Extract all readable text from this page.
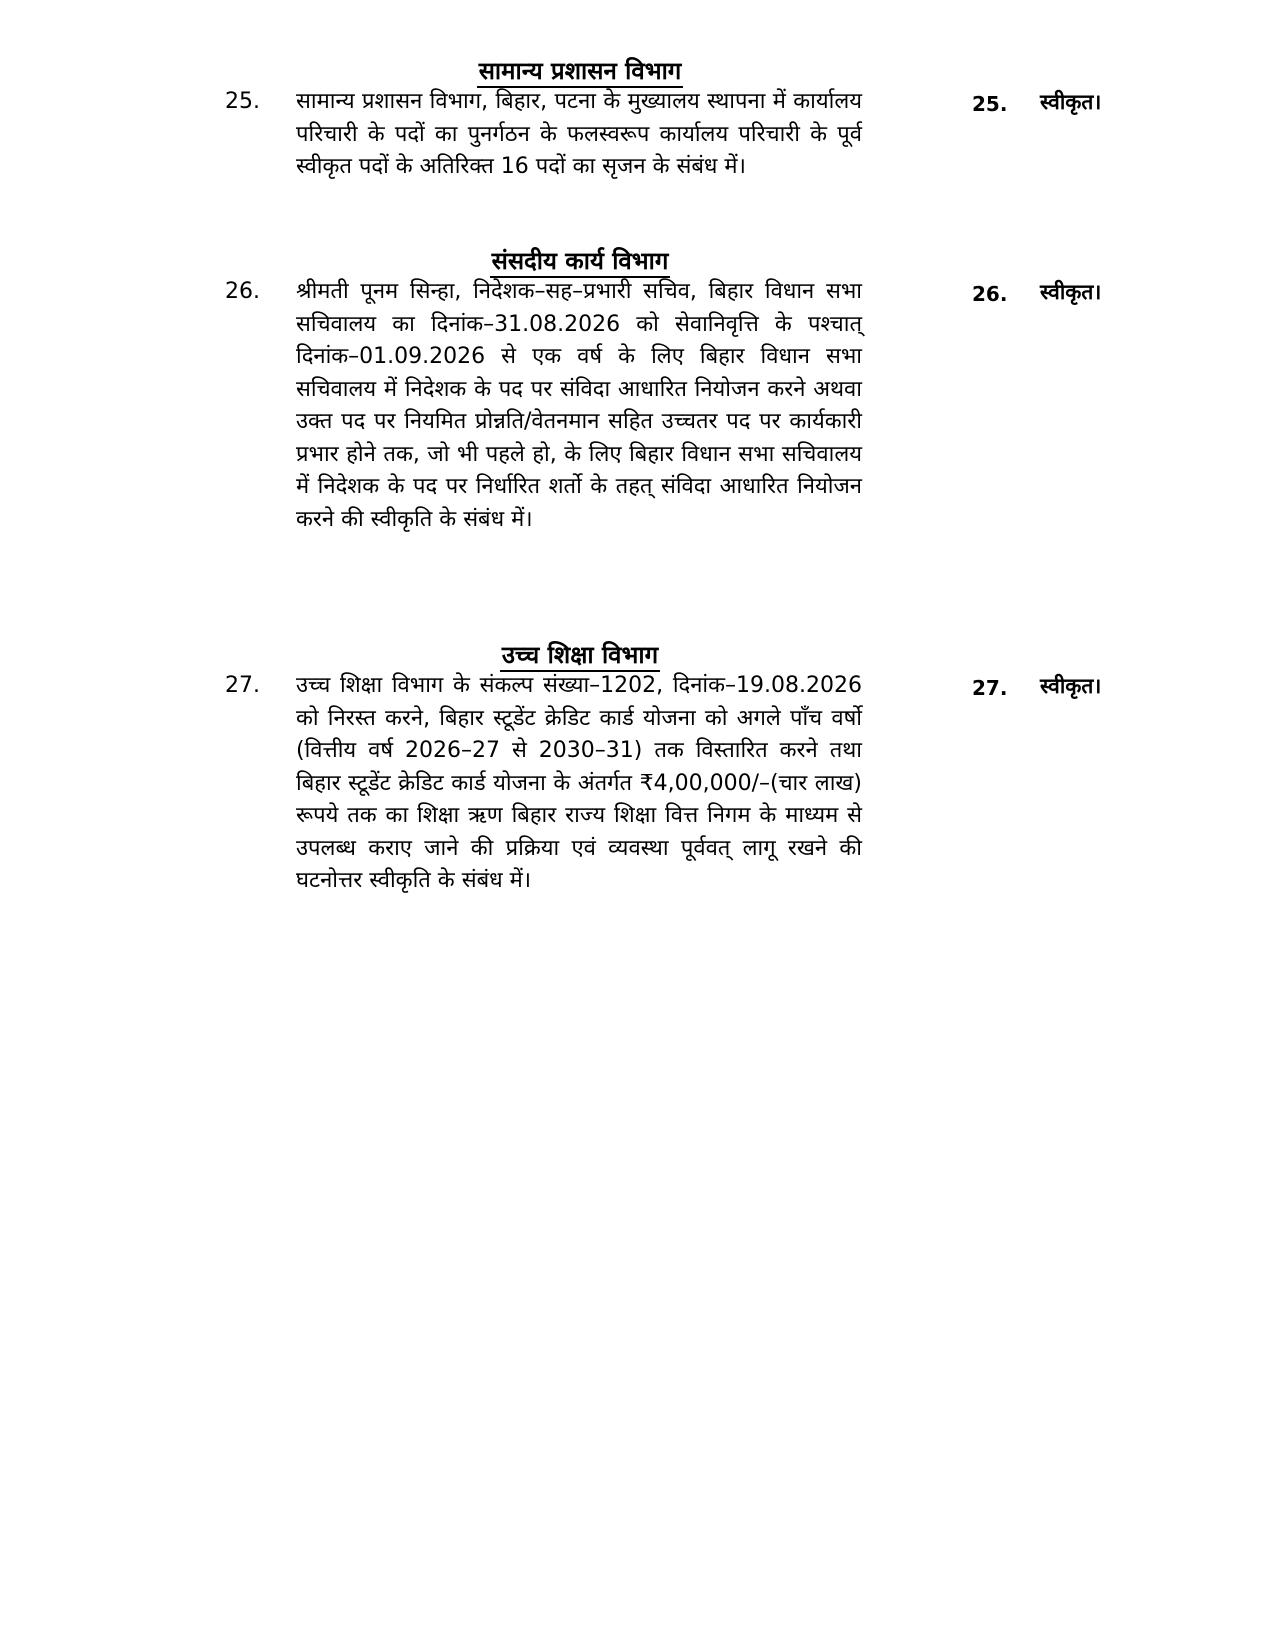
सामान्य प्रशासन विभाग
25. सामान्य प्रशासन विभाग, बिहार, पटना के मुख्यालय स्थापना में कार्यालय परिचारी के पदों का पुनर्गठन के फलस्वरूप कार्यालय परिचारी के पूर्व स्वीकृत पदों के अतिरिक्त 16 पदों का सृजन के संबंध में।
25. स्वीकृत।
संसदीय कार्य विभाग
26. श्रीमती पूनम सिन्हा, निदेशक–सह–प्रभारी सचिव, बिहार विधान सभा सचिवालय का दिनांक–31.08.2026 को सेवानिवृत्ति के पश्चात् दिनांक–01.09.2026 से एक वर्ष के लिए बिहार विधान सभा सचिवालय में निदेशक के पद पर संविदा आधारित नियोजन करने अथवा उक्त पद पर नियमित प्रोन्नति/वेतनमान सहित उच्चतर पद पर कार्यकारी प्रभार होने तक, जो भी पहले हो, के लिए बिहार विधान सभा सचिवालय में निदेशक के पद पर निर्धारित शर्तो के तहत् संविदा आधारित नियोजन करने की स्वीकृति के संबंध में।
26. स्वीकृत।
उच्च शिक्षा विभाग
27. उच्च शिक्षा विभाग के संकल्प संख्या–1202, दिनांक–19.08.2026 को निरस्त करने, बिहार स्टूडेंट क्रेडिट कार्ड योजना को अगले पाँच वर्षो (वित्तीय वर्ष 2026–27 से 2030–31) तक विस्तारित करने तथा बिहार स्टूडेंट क्रेडिट कार्ड योजना के अंतर्गत ₹4,00,000/–(चार लाख) रूपये तक का शिक्षा ऋण बिहार राज्य शिक्षा वित्त निगम के माध्यम से उपलब्ध कराए जाने की प्रक्रिया एवं व्यवस्था पूर्ववत् लागू रखने की घटनोत्तर स्वीकृति के संबंध में।
27. स्वीकृत।
